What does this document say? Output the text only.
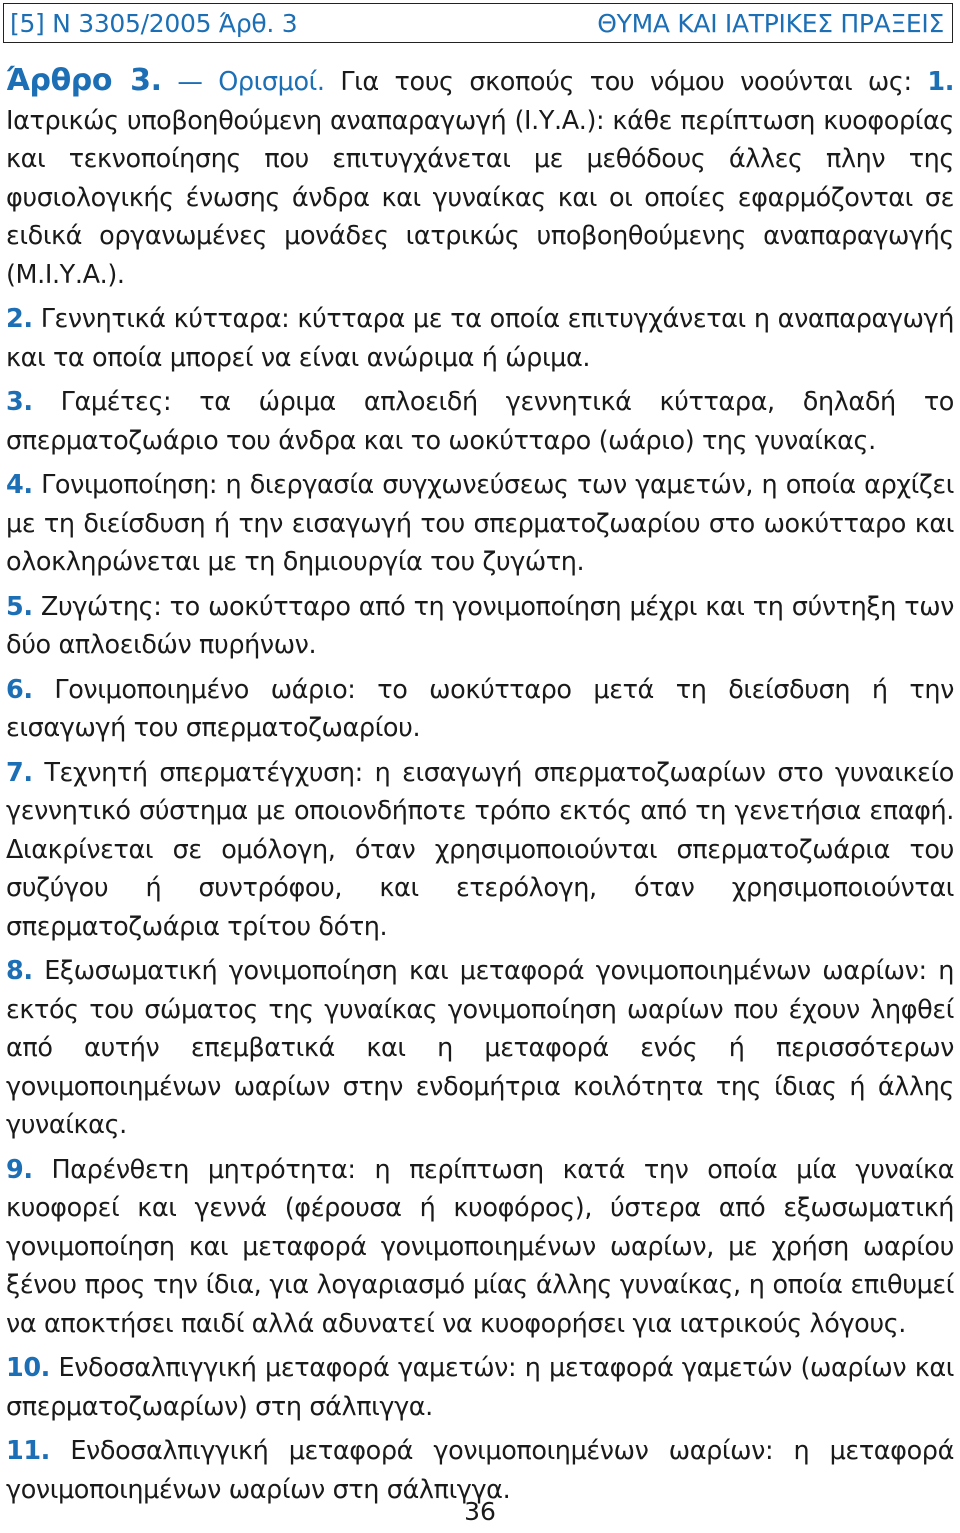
[5] Ν 3305/2005 Άρθ. 3	ΘΥΜΑ ΚΑΙ ΙΑΤΡΙΚΕΣ ΠΡΑΞΕΙΣ

Άρθρο 3. — Ορισμοί. Για τους σκοπούς του νόμου νοούνται ως: 1. Ιατρικώς υποβοηθούμενη αναπαραγωγή (Ι.Υ.Α.): κάθε περίπτωση κυοφορίας και τεκνοποίησης που επιτυγχάνεται με μεθόδους άλλες πλην της φυσιολογικής ένωσης άνδρα και γυναίκας και οι οποίες εφαρμόζονται σε ειδικά οργανωμένες μονάδες ιατρικώς υποβοηθούμενης αναπαραγωγής (Μ.Ι.Υ.Α.).

2. Γεννητικά κύτταρα: κύτταρα με τα οποία επιτυγχάνεται η αναπαραγωγή και τα οποία μπορεί να είναι ανώριμα ή ώριμα.

3. Γαμέτες: τα ώριμα απλοειδή γεννητικά κύτταρα, δηλαδή το σπερματοζωάριο του άνδρα και το ωοκύτταρο (ωάριο) της γυναίκας.

4. Γονιμοποίηση: η διεργασία συγχωνεύσεως των γαμετών, η οποία αρχίζει με τη διείσδυση ή την εισαγωγή του σπερματοζωαρίου στο ωοκύτταρο και ολοκληρώνεται με τη δημιουργία του ζυγώτη.

5. Ζυγώτης: το ωοκύτταρο από τη γονιμοποίηση μέχρι και τη σύντηξη των δύο απλοειδών πυρήνων.

6. Γονιμοποιημένο ωάριο: το ωοκύτταρο μετά τη διείσδυση ή την εισαγωγή του σπερματοζωαρίου.

7. Τεχνητή σπερματέγχυση: η εισαγωγή σπερματοζωαρίων στο γυναικείο γεννητικό σύστημα με οποιονδήποτε τρόπο εκτός από τη γενετήσια επαφή. Διακρίνεται σε ομόλογη, όταν χρησιμοποιούνται σπερματοζωάρια του συζύγου ή συντρόφου, και ετερόλογη, όταν χρησιμοποιούνται σπερματοζωάρια τρίτου δότη.

8. Εξωσωματική γονιμοποίηση και μεταφορά γονιμοποιημένων ωαρίων: η εκτός του σώματος της γυναίκας γονιμοποίηση ωαρίων που έχουν ληφθεί από αυτήν επεμβατικά και η μεταφορά ενός ή περισσότερων γονιμοποιημένων ωαρίων στην ενδομήτρια κοιλότητα της ίδιας ή άλλης γυναίκας.

9. Παρένθετη μητρότητα: η περίπτωση κατά την οποία μία γυναίκα κυοφορεί και γεννά (φέρουσα ή κυοφόρος), ύστερα από εξωσωματική γονιμοποίηση και μεταφορά γονιμοποιημένων ωαρίων, με χρήση ωαρίου ξένου προς την ίδια, για λογαριασμό μίας άλλης γυναίκας, η οποία επιθυμεί να αποκτήσει παιδί αλλά αδυνατεί να κυοφορήσει για ιατρικούς λόγους.

10. Ενδοσαλπιγγική μεταφορά γαμετών: η μεταφορά γαμετών (ωαρίων και σπερματοζωαρίων) στη σάλπιγγα.

11. Ενδοσαλπιγγική μεταφορά γονιμοποιημένων ωαρίων: η μεταφορά γονιμοποιημένων ωαρίων στη σάλπιγγα.

36
